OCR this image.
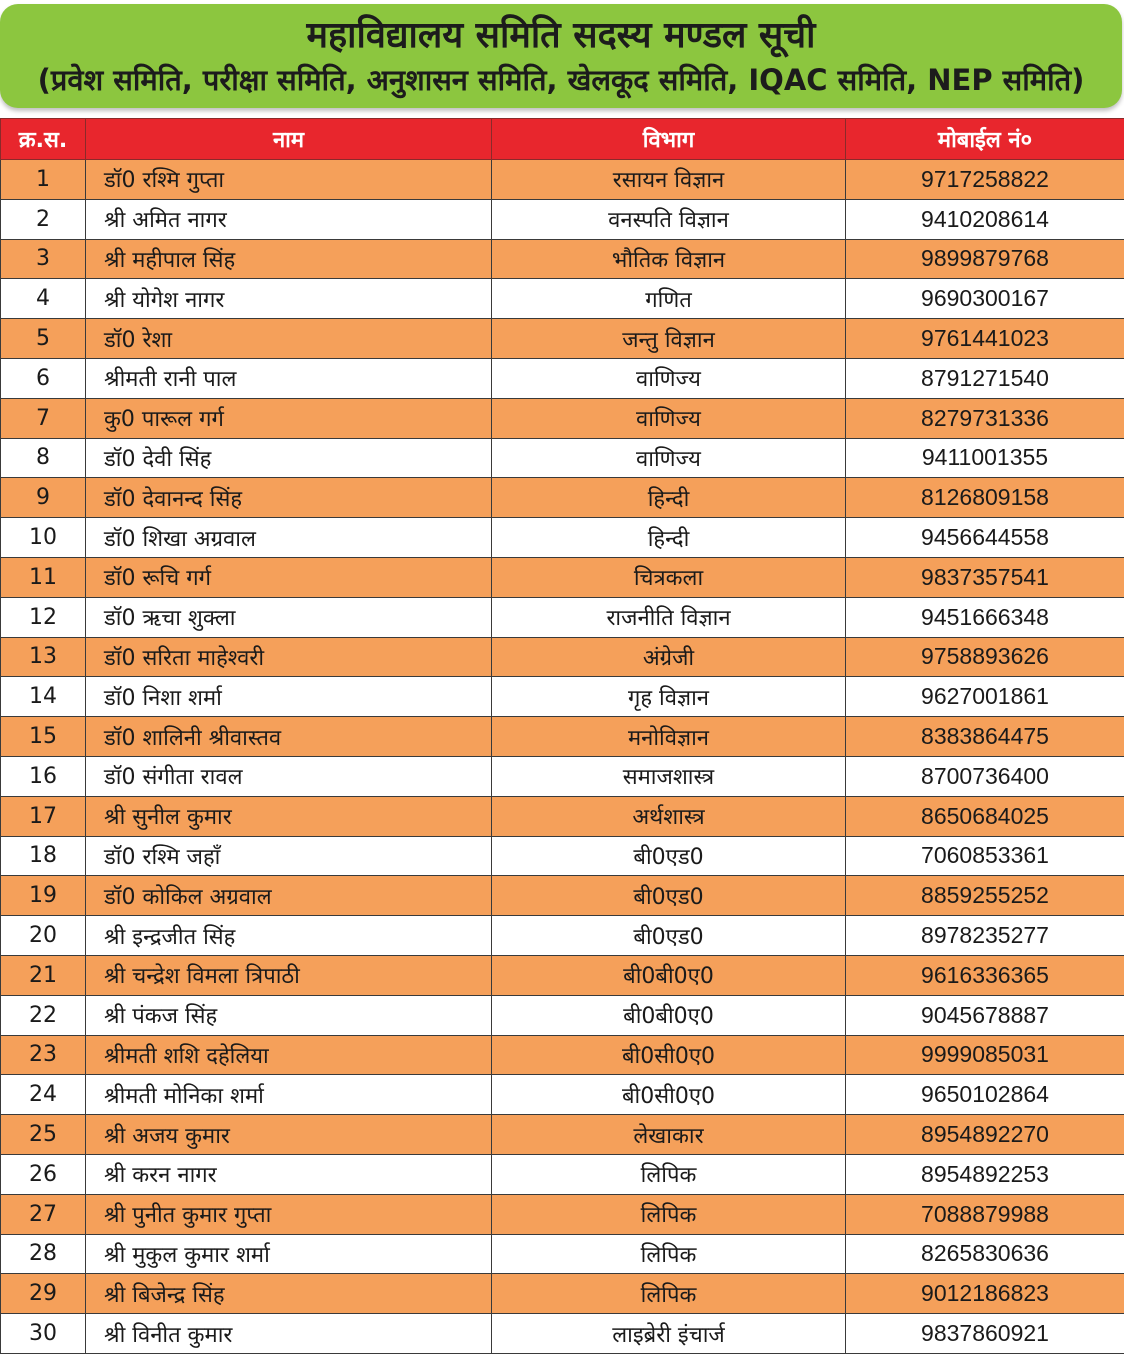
महाविद्यालय समिति सदस्य मण्डल सूची
(प्रवेश समिति, परीक्षा समिति, अनुशासन समिति, खेलकूद समिति, IQAC समिति, NEP समिति)
क्र.स.	नाम	विभाग	मोबाईल नं०
1	डॉ0 रश्मि गुप्ता	रसायन विज्ञान	9717258822
2	श्री अमित नागर	वनस्पति विज्ञान	9410208614
3	श्री महीपाल सिंह	भौतिक विज्ञान	9899879768
4	श्री योगेश नागर	गणित	9690300167
5	डॉ0 रेशा	जन्तु विज्ञान	9761441023
6	श्रीमती रानी पाल	वाणिज्य	8791271540
7	कु0 पारूल गर्ग	वाणिज्य	8279731336
8	डॉ0 देवी सिंह	वाणिज्य	9411001355
9	डॉ0 देवानन्द सिंह	हिन्दी	8126809158
10	डॉ0 शिखा अग्रवाल	हिन्दी	9456644558
11	डॉ0 रूचि गर्ग	चित्रकला	9837357541
12	डॉ0 ऋचा शुक्ला	राजनीति विज्ञान	9451666348
13	डॉ0 सरिता माहेश्वरी	अंग्रेजी	9758893626
14	डॉ0 निशा शर्मा	गृह विज्ञान	9627001861
15	डॉ0 शालिनी श्रीवास्तव	मनोविज्ञान	8383864475
16	डॉ0 संगीता रावल	समाजशास्त्र	8700736400
17	श्री सुनील कुमार	अर्थशास्त्र	8650684025
18	डॉ0 रश्मि जहाँ	बी0एड0	7060853361
19	डॉ0 कोकिल अग्रवाल	बी0एड0	8859255252
20	श्री इन्द्रजीत सिंह	बी0एड0	8978235277
21	श्री चन्द्रेश विमला त्रिपाठी	बी0बी0ए0	9616336365
22	श्री पंकज सिंह	बी0बी0ए0	9045678887
23	श्रीमती शशि दहेलिया	बी0सी0ए0	9999085031
24	श्रीमती मोनिका शर्मा	बी0सी0ए0	9650102864
25	श्री अजय कुमार	लेखाकार	8954892270
26	श्री करन नागर	लिपिक	8954892253
27	श्री पुनीत कुमार गुप्ता	लिपिक	7088879988
28	श्री मुकुल कुमार शर्मा	लिपिक	8265830636
29	श्री बिजेन्द्र सिंह	लिपिक	9012186823
30	श्री विनीत कुमार	लाइब्रेरी इंचार्ज	9837860921
